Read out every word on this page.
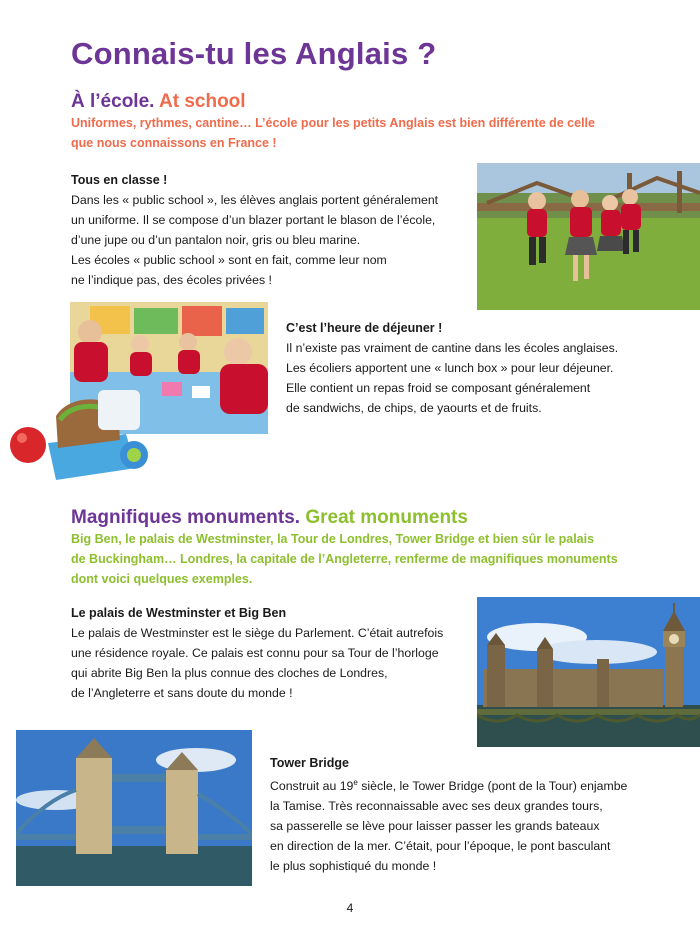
Connais-tu les Anglais ?
À l’école. At school
Uniformes, rythmes, cantine… L’école pour les petits Anglais est bien différente de celle
que nous connaissons en France !
Tous en classe !
Dans les « public school », les élèves anglais portent généralement
un uniforme. Il se compose d’un blazer portant le blason de l’école,
d’une jupe ou d’un pantalon noir, gris ou bleu marine.
Les écoles « public school » sont en fait, comme leur nom
ne l’indique pas, des écoles privées !
C’est l’heure de déjeuner !
Il n’existe pas vraiment de cantine dans les écoles anglaises.
Les écoliers apportent une « lunch box » pour leur déjeuner.
Elle contient un repas froid se composant généralement
de sandwichs, de chips, de yaourts et de fruits.
Magnifiques monuments. Great monuments
Big Ben, le palais de Westminster, la Tour de Londres, Tower Bridge et bien sûr le palais
de Buckingham… Londres, la capitale de l’Angleterre, renferme de magnifiques monuments
dont voici quelques exemples.
Le palais de Westminster et Big Ben
Le palais de Westminster est le siège du Parlement. C’était autrefois
une résidence royale. Ce palais est connu pour sa Tour de l’horloge
qui abrite Big Ben la plus connue des cloches de Londres,
de l’Angleterre et sans doute du monde !
Tower Bridge
Construit au 19e siècle, le Tower Bridge (pont de la Tour) enjambe
la Tamise. Très reconnaissable avec ses deux grandes tours,
sa passerelle se lève pour laisser passer les grands bateaux
en direction de la mer. C’était, pour l’époque, le pont basculant
le plus sophistiqué du monde !
4
